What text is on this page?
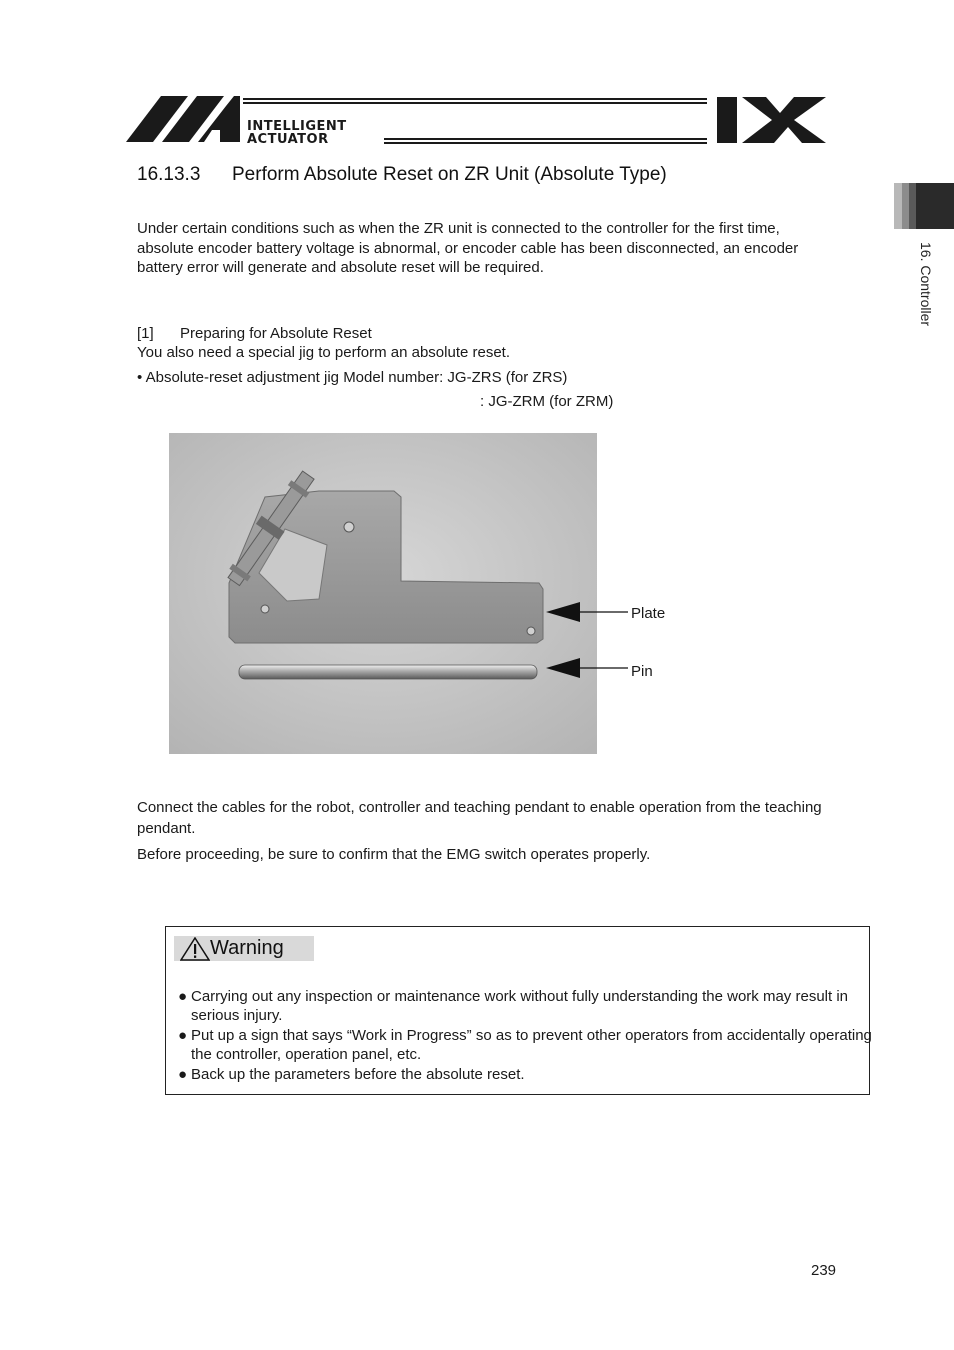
INTELLIGENT
ACTUATOR
16. Controller
16.13.3 Perform Absolute Reset on ZR Unit (Absolute Type)
Under certain conditions such as when the ZR unit is connected to the controller for the first time, absolute encoder battery voltage is abnormal, or encoder cable has been disconnected, an encoder battery error will generate and absolute reset will be required.
[1] Preparing for Absolute Reset
You also need a special jig to perform an absolute reset.
• Absolute-reset adjustment jig Model number: JG-ZRS (for ZRS)
: JG-ZRM (for ZRM)
Plate
Pin
Connect the cables for the robot, controller and teaching pendant to enable operation from the teaching pendant.
Before proceeding, be sure to confirm that the EMG switch operates properly.
Warning
● Carrying out any inspection or maintenance work without fully understanding the work may result in serious injury.
● Put up a sign that says “Work in Progress” so as to prevent other operators from accidentally operating the controller, operation panel, etc.
● Back up the parameters before the absolute reset.
239
